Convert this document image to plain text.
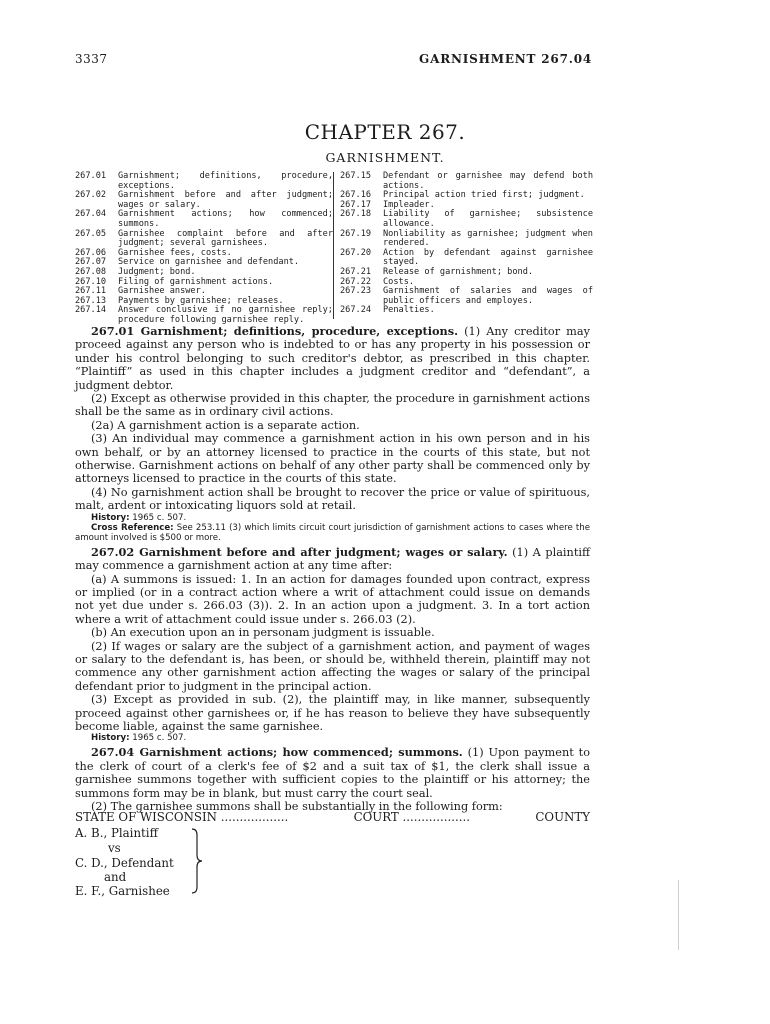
3337	GARNISHMENT 267.04
CHAPTER 267.
GARNISHMENT.
267.01	Garnishment; definitions, procedure, exceptions.
267.02	Garnishment before and after judgment; wages or salary.
267.04	Garnishment actions; how commenced; summons.
267.05	Garnishee complaint before and after judgment; several garnishees.
267.06	Garnishee fees, costs.
267.07	Service on garnishee and defendant.
267.08	Judgment; bond.
267.10	Filing of garnishment actions.
267.11	Garnishee answer.
267.13	Payments by garnishee; releases.
267.14	Answer conclusive if no garnishee reply; procedure following garnishee reply.
267.15	Defendant or garnishee may defend both actions.
267.16	Principal action tried first; judgment.
267.17	Impleader.
267.18	Liability of garnishee; subsistence allowance.
267.19	Nonliability as garnishee; judgment when rendered.
267.20	Action by defendant against garnishee stayed.
267.21	Release of garnishment; bond.
267.22	Costs.
267.23	Garnishment of salaries and wages of public officers and employes.
267.24	Penalties.

267.01 Garnishment; definitions, procedure, exceptions. (1) Any creditor may proceed against any person who is indebted to or has any property in his possession or under his control belonging to such creditor's debtor, as prescribed in this chapter. “Plaintiff” as used in this chapter includes a judgment creditor and “defendant”, a judgment debtor.

(2) Except as otherwise provided in this chapter, the procedure in garnishment actions shall be the same as in ordinary civil actions.

(2a) A garnishment action is a separate action.

(3) An individual may commence a garnishment action in his own person and in his own behalf, or by an attorney licensed to practice in the courts of this state, but not otherwise. Garnishment actions on behalf of any other party shall be commenced only by attorneys licensed to practice in the courts of this state.

(4) No garnishment action shall be brought to recover the price or value of spirituous, malt, ardent or intoxicating liquors sold at retail.

History: 1965 c. 507.

Cross Reference: See 253.11 (3) which limits circuit court jurisdiction of garnishment actions to cases where the amount involved is $500 or more.

267.02 Garnishment before and after judgment; wages or salary. (1) A plaintiff may commence a garnishment action at any time after:

(a) A summons is issued: 1. In an action for damages founded upon contract, express or implied (or in a contract action where a writ of attachment could issue on demands not yet due under s. 266.03 (3)). 2. In an action upon a judgment. 3. In a tort action where a writ of attachment could issue under s. 266.03 (2).

(b) An execution upon an in personam judgment is issuable.

(2) If wages or salary are the subject of a garnishment action, and payment of wages or salary to the defendant is, has been, or should be, withheld therein, plaintiff may not commence any other garnishment action affecting the wages or salary of the principal defendant prior to judgment in the principal action.

(3) Except as provided in sub. (2), the plaintiff may, in like manner, subsequently proceed against other garnishees or, if he has reason to believe they have subsequently become liable, against the same garnishee.

History: 1965 c. 507.

267.04 Garnishment actions; how commenced; summons. (1) Upon payment to the clerk of court of a clerk's fee of $2 and a suit tax of $1, the clerk shall issue a garnishee summons together with sufficient copies to the plaintiff or his attorney; the summons form may be in blank, but must carry the court seal.

(2) The garnishee summons shall be substantially in the following form:

STATE OF WISCONSIN ..................	COURT ..................	COUNTY
A. B., Plaintiff
vs
C. D., Defendant
and
E. F., Garnishee
